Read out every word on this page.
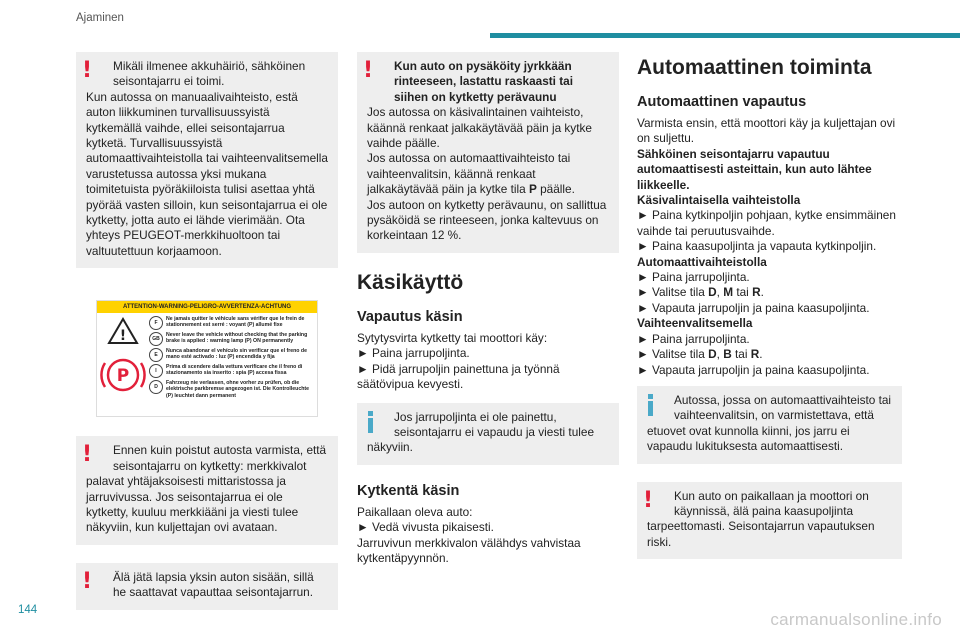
Ajaminen
!	Mikäli ilmenee akkuhäiriö, sähköinen seisontajarru ei toimi.

Kun autossa on manuaalivaihteisto, estä auton liikkuminen turvallisuussyistä kytkemällä vaihde, ellei seisontajarrua kytketä. Turvallisuussyistä automaattivaihteistolla tai vaihteenvalitsemella varustetussa autossa yksi mukana toimitetuista pyöräkiiloista tulisi asettaa yhtä pyörää vasten silloin, kun seisontajarrua ei ole kytketty, jotta auto ei lähde vierimään. Ota yhteys PEUGEOT-merkkihuoltoon tai valtuutettuun korjaamoon.

!	Ennen kuin poistut autosta varmista, että seisontajarru on kytketty: merkkivalot

palavat yhtäjaksoisesti mittaristossa ja jarruvivussa. Jos seisontajarrua ei ole kytketty, kuuluu merkkiääni ja viesti tulee näkyviin, kun kuljettajan ovi avataan.

!	Älä jätä lapsia yksin auton sisään, sillä he saattavat vapauttaa seisontajarrun.

ATTENTION-WARNING-PELIGRO-AVVERTENZA-ACHTUNG
!
P
F
Ne jamais quitter le véhicule sans vérifier que le frein de stationnement est serré : voyant (P) allumé fixe
GB
Never leave the vehicle without checking that the parking brake is applied : warning lamp (P) ON permanently
E
Nunca abandonar el vehículo sin verificar que el freno de mano esté activado : luz (P) encendida y fija
I
Prima di scendere dalla vettura verificare che il freno di stazionamento sia inserito : spia (P) accesa fissa
D
Fahrzeug nie verlassen, ohne vorher zu prüfen, ob die elektrische parkbremse angezogen ist. Die Kontrolleuchte (P) leuchtet dann permanent
!	Kun auto on pysäköity jyrkkään rinteeseen, lastattu raskaasti tai siihen on kytketty perävaunu

Jos autossa on käsivalintainen vaihteisto, käännä renkaat jalkakäytävää päin ja kytke vaihde päälle.

Jos autossa on automaattivaihteisto tai vaihteenvalitsin, käännä renkaat jalkakäytävää päin ja kytke tila P päälle.

Jos autoon on kytketty perävaunu, on sallittua pysäköidä se rinteeseen, jonka kaltevuus on korkeintaan 12 %.

Käsikäyttö
Vapautus käsin

Sytytysvirta kytketty tai moottori käy:

► Paina jarrupoljinta.

► Pidä jarrupoljin painettuna ja työnnä säätövipua kevyesti.

Jos jarrupoljinta ei ole painettu, seisontajarru ei vapaudu ja viesti tulee

näkyviin.

Kytkentä käsin

Paikallaan oleva auto:

► Vedä vivusta pikaisesti.

Jarruvivun merkkivalon välähdys vahvistaa kytkentäpyynnön.

Automaattinen toiminta
Automaattinen vapautus

Varmista ensin, että moottori käy ja kuljettajan ovi on suljettu.

Sähköinen seisontajarru vapautuu automaattisesti asteittain, kun auto lähtee liikkeelle.

Käsivalintaisella vaihteistolla

► Paina kytkinpoljin pohjaan, kytke ensimmäinen vaihde tai peruutusvaihde.

► Paina kaasupoljinta ja vapauta kytkinpoljin.

Automaattivaihteistolla

► Paina jarrupoljinta.

► Valitse tila D, M tai R.

► Vapauta jarrupoljin ja paina kaasupoljinta.

Vaihteenvalitsemella

► Paina jarrupoljinta.

► Valitse tila D, B tai R.

► Vapauta jarrupoljin ja paina kaasupoljinta.

Autossa, jossa on automaattivaihteisto tai vaihteenvalitsin, on varmistettava, että

etuovet ovat kunnolla kiinni, jos jarru ei vapaudu lukituksesta automaattisesti.

!	Kun auto on paikallaan ja moottori on käynnissä, älä paina kaasupoljinta

tarpeettomasti. Seisontajarrun vapautuksen riski.

144	carmanualsonline.info
